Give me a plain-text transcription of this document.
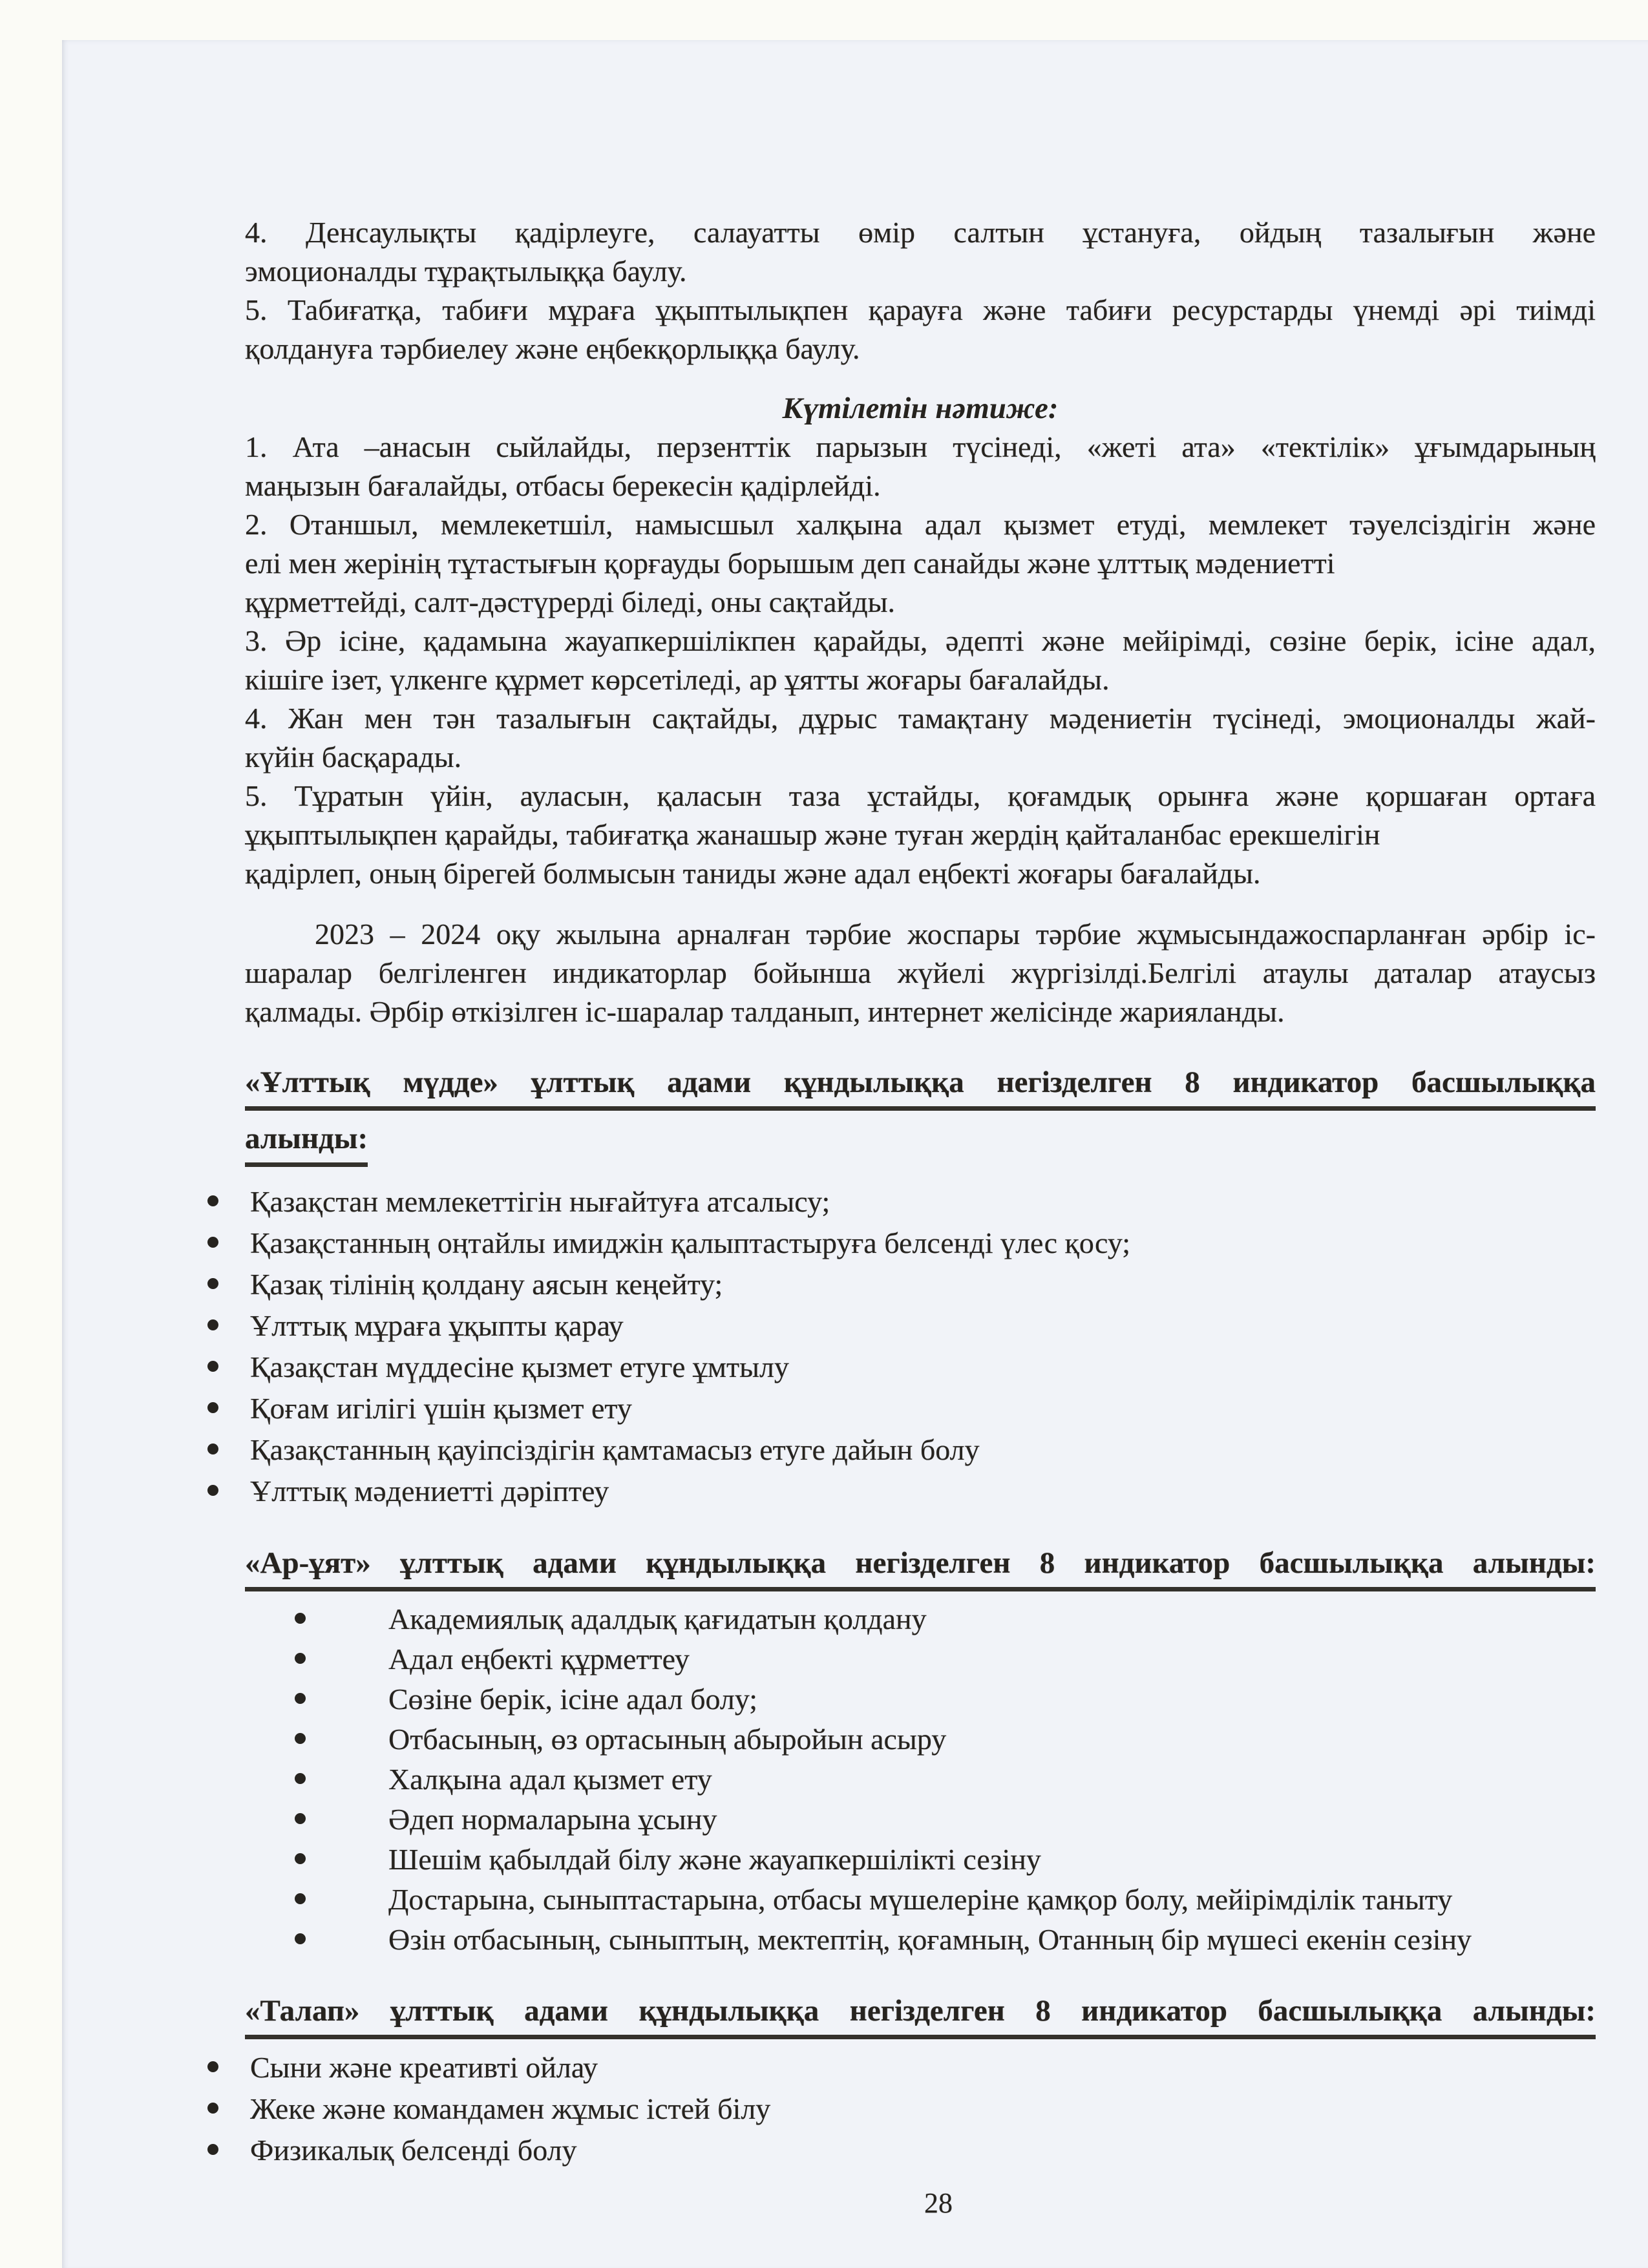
4. Денсаулықты қадірлеуге, салауатты өмір салтын ұстануға, ойдың тазалығын және
эмоционалды тұрақтылыққа баулу.
5. Табиғатқа, табиғи мұраға ұқыптылықпен қарауға және табиғи ресурстарды үнемді әрі тиімді
қолдануға тәрбиелеу және еңбекқорлыққа баулу.
Күтілетін нәтиже:
1. Ата –анасын сыйлайды, перзенттік парызын түсінеді, «жеті ата» «тектілік» ұғымдарының
маңызын бағалайды, отбасы берекесін қадірлейді.
2. Отаншыл, мемлекетшіл, намысшыл халқына адал қызмет етуді, мемлекет тәуелсіздігін және
елі мен жерінің тұтастығын қорғауды борышым деп санайды және ұлттық мәдениетті
құрметтейді, салт-дәстүрерді біледі, оны сақтайды.
3. Әр ісіне, қадамына жауапкершілікпен қарайды, әдепті және мейірімді, сөзіне берік, ісіне адал,
кішіге ізет, үлкенге құрмет көрсетіледі, ар ұятты жоғары бағалайды.
4. Жан мен тән тазалығын сақтайды, дұрыс тамақтану мәдениетін түсінеді, эмоционалды жай-
күйін басқарады.
5. Тұратын үйін, ауласын, қаласын таза ұстайды, қоғамдық орынға және қоршаған ортаға
ұқыптылықпен қарайды, табиғатқа жанашыр және туған жердің қайталанбас ерекшелігін
қадірлеп, оның бірегей болмысын таниды және адал еңбекті жоғары бағалайды.
2023 – 2024 оқу жылына арналған тәрбие жоспары тәрбие жұмысындажоспарланған әрбір іс-
шаралар белгіленген индикаторлар бойынша жүйелі жүргізілді.Белгілі атаулы даталар атаусыз
қалмады. Әрбір өткізілген іс-шаралар талданып, интернет желісінде жарияланды.
«Ұлттық мүдде» ұлттық адами құндылыққа негізделген 8 индикатор басшылыққа
алынды:
Қазақстан мемлекеттігін нығайтуға атсалысу;
Қазақстанның оңтайлы имиджін қалыптастыруға белсенді үлес қосу;
Қазақ тілінің қолдану аясын кеңейту;
Ұлттық мұраға ұқыпты қарау
Қазақстан мүддесіне қызмет етуге ұмтылу
Қоғам игілігі үшін қызмет ету
Қазақстанның қауіпсіздігін қамтамасыз етуге дайын болу
Ұлттық мәдениетті дәріптеу
«Ар-ұят» ұлттық адами құндылыққа негізделген 8 индикатор басшылыққа алынды:
Академиялық адалдық қағидатын қолдану
Адал еңбекті құрметтеу
Сөзіне берік, ісіне адал болу;
Отбасының, өз ортасының абыройын асыру
Халқына адал қызмет ету
Әдеп нормаларына ұсыну
Шешім қабылдай білу және жауапкершілікті сезіну
Достарына, сыныптастарына, отбасы мүшелеріне қамқор болу, мейірімділік таныту
Өзін отбасының, сыныптың, мектептің, қоғамның, Отанның бір мүшесі екенін сезіну
«Талап» ұлттық адами құндылыққа негізделген 8 индикатор басшылыққа алынды:
Сыни және креативті ойлау
Жеке және командамен жұмыс істей білу
Физикалық белсенді болу
28
